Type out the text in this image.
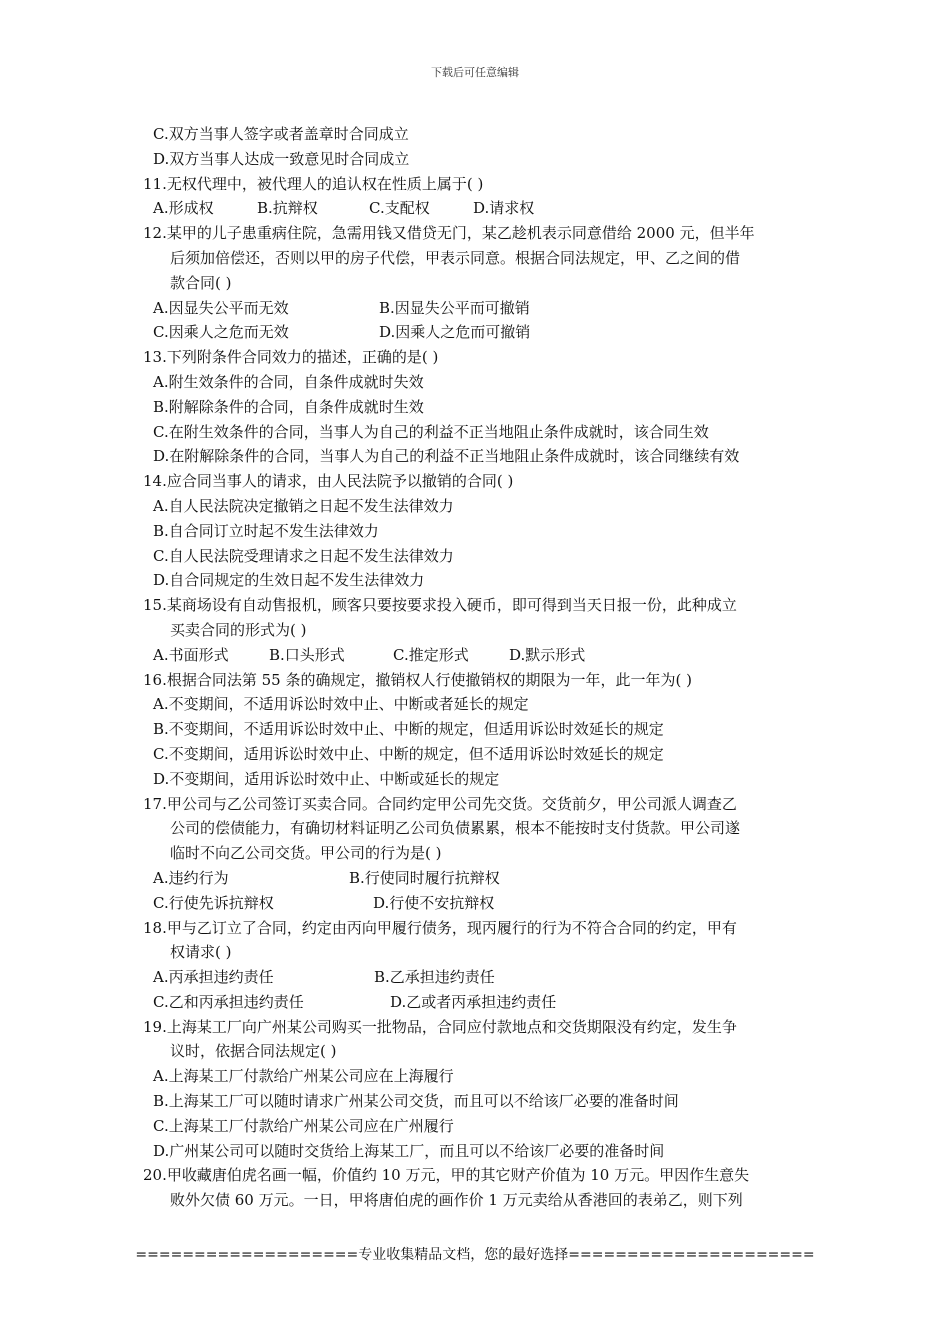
下载后可任意编辑
C.双方当事人签字或者盖章时合同成立
D.双方当事人达成一致意见时合同成立
11.无权代理中，被代理人的追认权在性质上属于( )
A.形成权	B.抗辩权	C.支配权	D.请求权
12.某甲的儿子患重病住院，急需用钱又借贷无门，某乙趁机表示同意借给 2000 元，但半年
后须加倍偿还，否则以甲的房子代偿，甲表示同意。根据合同法规定，甲、乙之间的借
款合同( )
A.因显失公平而无效	B.因显失公平而可撤销
C.因乘人之危而无效	D.因乘人之危而可撤销
13.下列附条件合同效力的描述，正确的是( )
A.附生效条件的合同，自条件成就时失效
B.附解除条件的合同，自条件成就时生效
C.在附生效条件的合同，当事人为自己的利益不正当地阻止条件成就时，该合同生效
D.在附解除条件的合同，当事人为自己的利益不正当地阻止条件成就时，该合同继续有效
14.应合同当事人的请求，由人民法院予以撤销的合同( )
A.自人民法院决定撤销之日起不发生法律效力
B.自合同订立时起不发生法律效力
C.自人民法院受理请求之日起不发生法律效力
D.自合同规定的生效日起不发生法律效力
15.某商场设有自动售报机，顾客只要按要求投入硬币，即可得到当天日报一份，此种成立
买卖合同的形式为( )
A.书面形式	B.口头形式	C.推定形式	D.默示形式
16.根据合同法第 55 条的确规定，撤销权人行使撤销权的期限为一年，此一年为( )
A.不变期间，不适用诉讼时效中止、中断或者延长的规定
B.不变期间，不适用诉讼时效中止、中断的规定，但适用诉讼时效延长的规定
C.不变期间，适用诉讼时效中止、中断的规定，但不适用诉讼时效延长的规定
D.不变期间，适用诉讼时效中止、中断或延长的规定
17.甲公司与乙公司签订买卖合同。合同约定甲公司先交货。交货前夕，甲公司派人调查乙
公司的偿债能力，有确切材料证明乙公司负债累累，根本不能按时支付货款。甲公司遂
临时不向乙公司交货。甲公司的行为是( )
A.违约行为	B.行使同时履行抗辩权
C.行使先诉抗辩权	D.行使不安抗辩权
18.甲与乙订立了合同，约定由丙向甲履行债务，现丙履行的行为不符合合同的约定，甲有
权请求( )
A.丙承担违约责任	B.乙承担违约责任
C.乙和丙承担违约责任	D.乙或者丙承担违约责任
19.上海某工厂向广州某公司购买一批物品，合同应付款地点和交货期限没有约定，发生争
议时，依据合同法规定( )
A.上海某工厂付款给广州某公司应在上海履行
B.上海某工厂可以随时请求广州某公司交货，而且可以不给该厂必要的准备时间
C.上海某工厂付款给广州某公司应在广州履行
D.广州某公司可以随时交货给上海某工厂，而且可以不给该厂必要的准备时间
20.甲收藏唐伯虎名画一幅，价值约 10 万元，甲的其它财产价值为 10 万元。甲因作生意失
败外欠债 60 万元。一日，甲将唐伯虎的画作价 1 万元卖给从香港回的表弟乙，则下列
===================专业收集精品文档，您的最好选择=====================
